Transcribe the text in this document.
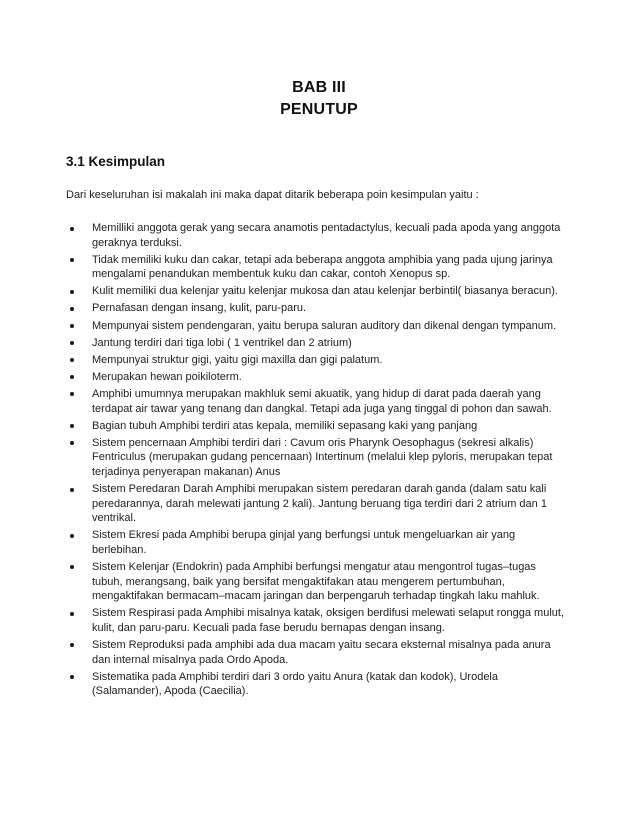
BAB III
PENUTUP
3.1 Kesimpulan

Dari keseluruhan isi makalah ini maka dapat ditarik beberapa poin kesimpulan yaitu :

Memilliki anggota gerak yang secara anamotis pentadactylus, kecuali pada apoda yang anggota geraknya terduksi.
Tidak memiliki kuku dan cakar, tetapi ada beberapa anggota amphibia yang pada ujung jarinya mengalami penandukan membentuk kuku dan cakar, contoh Xenopus sp.
Kulit memiliki dua kelenjar yaitu kelenjar mukosa dan atau kelenjar berbintil( biasanya beracun).
Pernafasan dengan insang, kulit, paru-paru.
Mempunyai sistem pendengaran, yaitu berupa saluran auditory dan dikenal dengan tympanum.
Jantung terdiri dari tiga lobi ( 1 ventrikel dan 2 atrium)
Mempunyai struktur gigi, yaitu gigi maxilla dan gigi palatum.
Merupakan hewan poikiloterm.
Amphibi umumnya merupakan makhluk semi akuatik, yang hidup di darat pada daerah yang terdapat air tawar yang tenang dan dangkal. Tetapi ada juga yang tinggal di pohon dan sawah.
Bagian tubuh Amphibi terdiri atas kepala, memiliki sepasang kaki yang panjang
Sistem pencernaan Amphibi terdiri dari : Cavum oris Pharynk Oesophagus (sekresi alkalis) Fentriculus (merupakan gudang pencernaan) Intertinum (melalui klep pyloris, merupakan tepat terjadinya penyerapan makanan) Anus
Sistem Peredaran Darah Amphibi merupakan sistem peredaran darah ganda (dalam satu kali peredarannya, darah melewati jantung 2 kali). Jantung beruang tiga terdiri dari 2 atrium dan 1 ventrikal.
Sistem Ekresi pada Amphibi berupa ginjal yang berfungsi untuk mengeluarkan air yang berlebihan.
Sistem Kelenjar (Endokrin) pada Amphibi berfungsi mengatur atau mengontrol tugas–tugas tubuh, merangsang, baik yang bersifat mengaktifakan atau mengerem pertumbuhan, mengaktifakan bermacam–macam jaringan dan berpengaruh terhadap tingkah laku mahluk.
Sistem Respirasi pada Amphibi misalnya katak, oksigen berdifusi melewati selaput rongga mulut, kulit, dan paru-paru. Kecuali pada fase berudu bernapas dengan insang.
Sistem Reproduksi pada amphibi ada dua macam yaitu secara eksternal misalnya pada anura dan internal misalnya pada Ordo Apoda.
Sistematika pada Amphibi terdiri dari 3 ordo yaitu Anura (katak dan kodok), Urodela (Salamander), Apoda (Caecilia).
